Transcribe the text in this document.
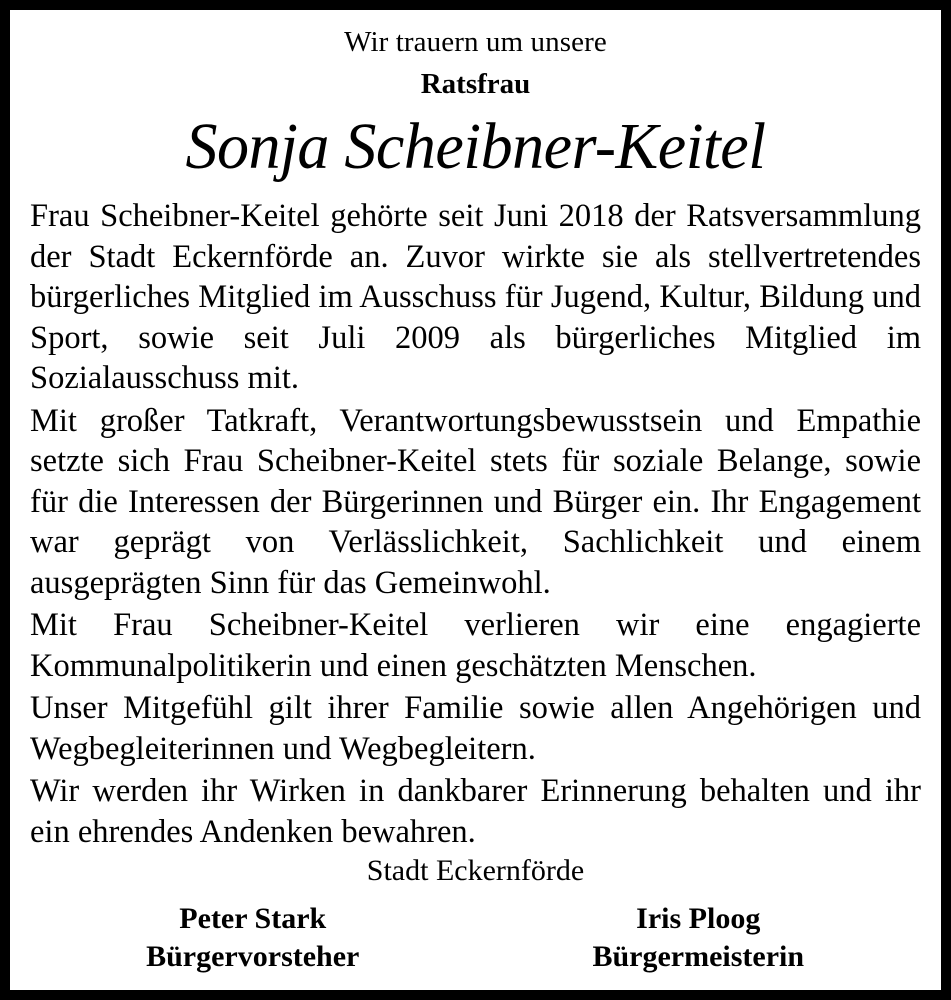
Wir trauern um unsere
Ratsfrau
Sonja Scheibner-Keitel

Frau Scheibner-Keitel gehörte seit Juni 2018 der Ratsversammlung der Stadt Eckernförde an. Zuvor wirkte sie als stellvertretendes bürgerliches Mitglied im Ausschuss für Jugend, Kultur, Bildung und Sport, sowie seit Juli 2009 als bürgerliches Mitglied im Sozialausschuss mit.

Mit großer Tatkraft, Verantwortungsbewusstsein und Empathie setzte sich Frau Scheibner-Keitel stets für soziale Belange, sowie für die Interessen der Bürgerinnen und Bürger ein. Ihr Engagement war geprägt von Verlässlichkeit, Sachlichkeit und einem ausgeprägten Sinn für das Gemeinwohl.

Mit Frau Scheibner-Keitel verlieren wir eine engagierte Kommunalpolitikerin und einen geschätzten Menschen.

Unser Mitgefühl gilt ihrer Familie sowie allen Angehörigen und Wegbegleiterinnen und Wegbegleitern.

Wir werden ihr Wirken in dankbarer Erinnerung behalten und ihr ein ehrendes Andenken bewahren.

Stadt Eckernförde
Peter Stark
Bürgervorsteher
Iris Ploog
Bürgermeisterin
